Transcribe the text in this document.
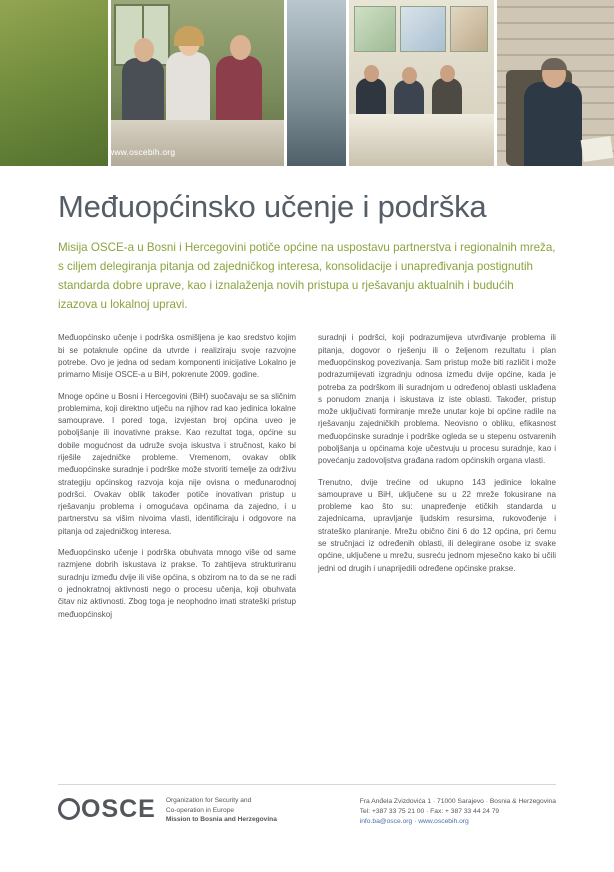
www.oscebih.org
Međuopćinsko učenje i podrška

Misija OSCE-a u Bosni i Hercegovini potiče općine na uspostavu partnerstva i regionalnih mreža, s ciljem delegiranja pitanja od zajedničkog interesa, konsolidacije i unapređivanja postignutih standarda dobre uprave, kao i iznalaženja novih pristupa u rješavanju aktualnih i budućih izazova u lokalnoj upravi.

Međuopćinsko učenje i podrška osmišljena je kao sredstvo kojim bi se potaknule općine da utvrde i realiziraju svoje razvojne potrebe. Ovo je jedna od sedam komponenti inicijative Lokalno je primarno Misije OSCE-a u BiH, pokrenute 2009. godine.

Mnoge općine u Bosni i Hercegovini (BiH) suočavaju se sa sličnim problemima, koji direktno utječu na njihov rad kao jedinica lokalne samouprave. I pored toga, izvjestan broj općina uveo je poboljšanje ili inovativne prakse. Kao rezultat toga, općine su dobile mogućnost da udruže svoja iskustva i stručnost, kako bi riješile zajedničke probleme. Vremenom, ovakav oblik međuopćinske suradnje i podrške može stvoriti temelje za održivu strategiju općinskog razvoja koja nije ovisna o međunarodnoj podršci. Ovakav oblik također potiče inovativan pristup u rješavanju problema i omogućava općinama da zajedno, i u partnerstvu sa višim nivoima vlasti, identificiraju i odgovore na pitanja od zajedničkog interesa.

Međuopćinsko učenje i podrška obuhvata mnogo više od same razmjene dobrih iskustava iz prakse. To zahtijeva strukturiranu suradnju između dvije ili više općina, s obzirom na to da se ne radi o jednokratnoj aktivnosti nego o procesu učenja, koji obuhvata čitav niz aktivnosti. Zbog toga je neophodno imati strateški pristup međuopćinskoj

suradnji i podršci, koji podrazumijeva utvrđivanje problema ili pitanja, dogovor o rješenju ili o željenom rezultatu i plan međuopćinskog povezivanja. Sam pristup može biti različit i može podrazumijevati izgradnju odnosa između dvije općine, kada je potreba za podrškom ili suradnjom u određenoj oblasti usklađena s ponudom znanja i iskustava iz iste oblasti. Također, pristup može uključivati formiranje mreže unutar koje bi općine radile na rješavanju zajedničkih problema. Neovisno o obliku, efikasnost međuopćinske suradnje i podrške ogleda se u stepenu ostvarenih poboljšanja u općinama koje učestvuju u procesu suradnje, kao i povećanju zadovoljstva građana radom općinskih organa vlasti.

Trenutno, dvije trećine od ukupno 143 jedinice lokalne samouprave u BiH, uključene su u 22 mreže fokusirane na probleme kao što su: unapređenje etičkih standarda u zajednicama, upravljanje ljudskim resursima, rukovođenje i strateško planiranje. Mrežu obično čini 6 do 12 općina, pri čemu se stručnjaci iz određenih oblasti, ili delegirane osobe iz svake općine, uključene u mrežu, susreću jednom mjesečno kako bi učili jedni od drugih i unaprijedili određene općinske prakse.

OSCE Organization for Security and
Co-operation in Europe
Mission to Bosnia and Herzegovina
Fra Anđela Zvizdovića 1 · 71000 Sarajevo · Bosnia & Herzegovina
Tel: +387 33 75 21 00 · Fax: + 387 33 44 24 79
info.ba@osce.org · www.oscebih.org
